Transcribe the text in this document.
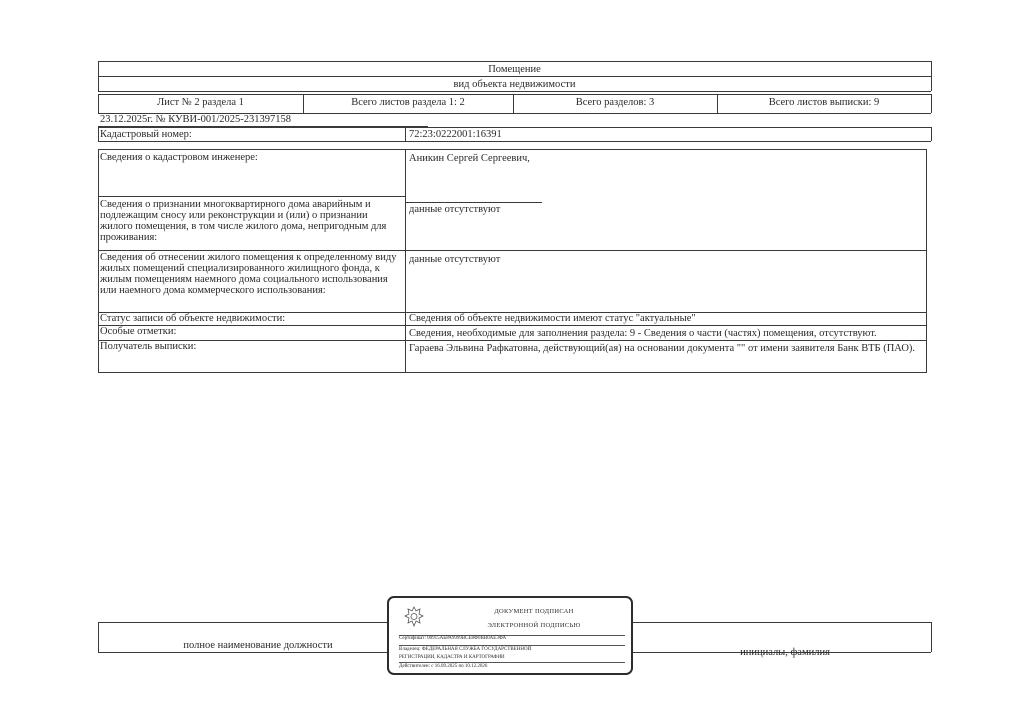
Помещение
вид объекта недвижимости
Лист № 2 раздела 1	Всего листов раздела 1: 2	Всего разделов: 3	Всего листов выписки: 9
23.12.2025г. № КУВИ-001/2025-231397158
Кадастровый номер:	72:23:0222001:16391
Сведения о кадастровом инженере:	Аникин Сергей Сергеевич,
Сведения о признании многоквартирного дома аварийным и подлежащим сносу или реконструкции и (или) о признании жилого помещения, в том числе жилого дома, непригодным для проживания:
данные отсутствуют
Сведения об отнесении жилого помещения к определенному виду жилых помещений специализированного жилищного фонда, к жилым помещениям наемного дома социального использования или наемного дома коммерческого использования:
данные отсутствуют
Статус записи об объекте недвижимости:	Сведения об объекте недвижимости имеют статус "актуальные"
Особые отметки:	Сведения, необходимые для заполнения раздела: 9 - Сведения о части (частях) помещения, отсутствуют.
Получатель выписки:	Гараева Эльвина Рафкатовна, действующий(ая) на основании документа "" от имени заявителя Банк ВТБ (ПАО).
полное наименование должности
инициалы, фамилия
ДОКУМЕНТ ПОДПИСАН
ЭЛЕКТРОННОЙ ПОДПИСЬЮ
Сертификат: 00915АБРА9999ВСЕ8Ф0ВВ0АЕ3ФА
Владелец: ФЕДЕРАЛЬНАЯ СЛУЖБА ГОСУДАРСТВЕННОЙ
РЕГИСТРАЦИИ, КАДАСТРА И КАРТОГРАФИИ
Действителен: с 16.09.2025 по 10.12.2026
